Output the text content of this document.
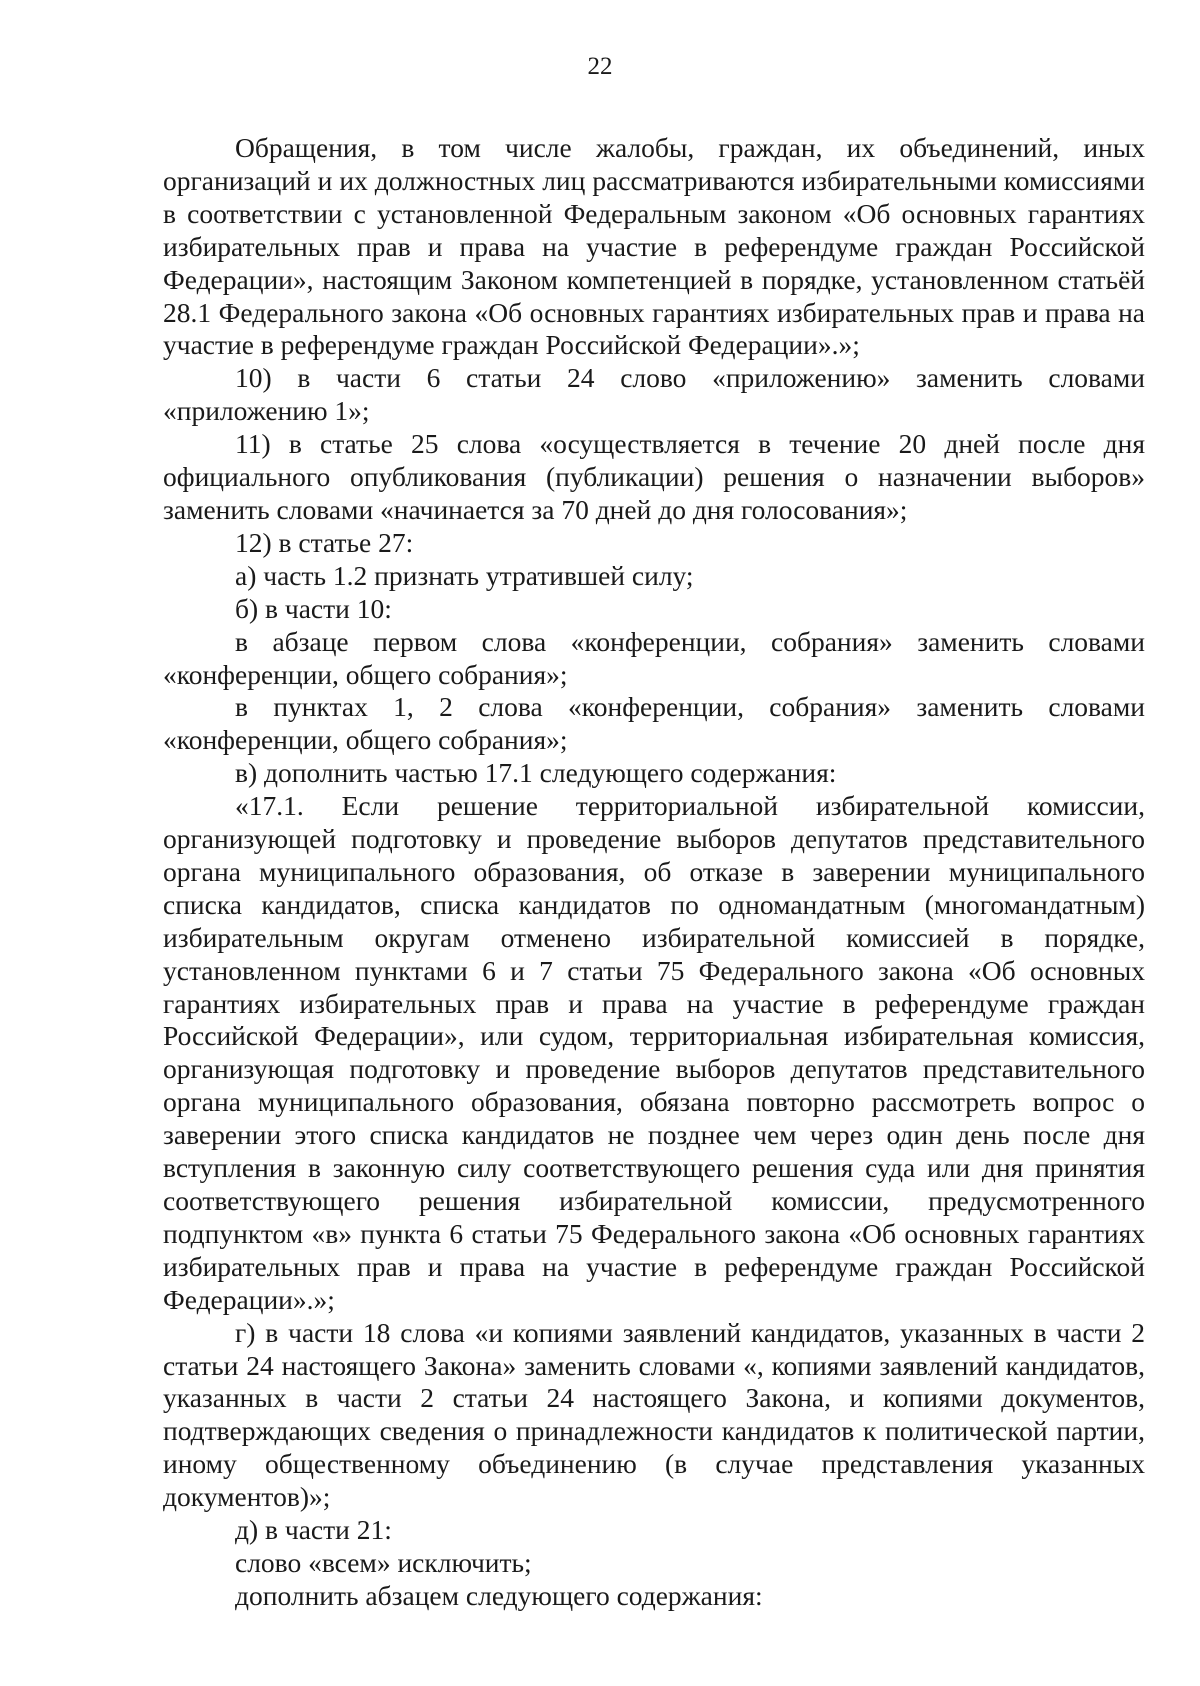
22

Обращения, в том числе жалобы, граждан, их объединений, иных организаций и их должностных лиц рассматриваются избирательными комиссиями в соответствии с установленной Федеральным законом «Об основных гарантиях избирательных прав и права на участие в референдуме граждан Российской Федерации», настоящим Законом компетенцией в порядке, установленном статьёй 28.1 Федерального закона «Об основных гарантиях избирательных прав и права на участие в референдуме граждан Российской Федерации».»;

10) в части 6 статьи 24 слово «приложению» заменить словами «приложению 1»;

11) в статье 25 слова «осуществляется в течение 20 дней после дня официального опубликования (публикации) решения о назначении выборов» заменить словами «начинается за 70 дней до дня голосования»;

12) в статье 27:

а) часть 1.2 признать утратившей силу;

б) в части 10:

в абзаце первом слова «конференции, собрания» заменить словами «конференции, общего собрания»;

в пунктах 1, 2 слова «конференции, собрания» заменить словами «конференции, общего собрания»;

в) дополнить частью 17.1 следующего содержания:

«17.1. Если решение территориальной избирательной комиссии, организующей подготовку и проведение выборов депутатов представительного органа муниципального образования, об отказе в заверении муниципального списка кандидатов, списка кандидатов по одномандатным (многомандатным) избирательным округам отменено избирательной комиссией в порядке, установленном пунктами 6 и 7 статьи 75 Федерального закона «Об основных гарантиях избирательных прав и права на участие в референдуме граждан Российской Федерации», или судом, территориальная избирательная комиссия, организующая подготовку и проведение выборов депутатов представительного органа муниципального образования, обязана повторно рассмотреть вопрос о заверении этого списка кандидатов не позднее чем через один день после дня вступления в законную силу соответствующего решения суда или дня принятия соответствующего решения избирательной комиссии, предусмотренного подпунктом «в» пункта 6 статьи 75 Федерального закона «Об основных гарантиях избирательных прав и права на участие в референдуме граждан Российской Федерации».»;

г) в части 18 слова «и копиями заявлений кандидатов, указанных в части 2 статьи 24 настоящего Закона» заменить словами «, копиями заявлений кандидатов, указанных в части 2 статьи 24 настоящего Закона, и копиями документов, подтверждающих сведения о принадлежности кандидатов к политической партии, иному общественному объединению (в случае представления указанных документов)»;

д) в части 21:

слово «всем» исключить;

дополнить абзацем следующего содержания:
